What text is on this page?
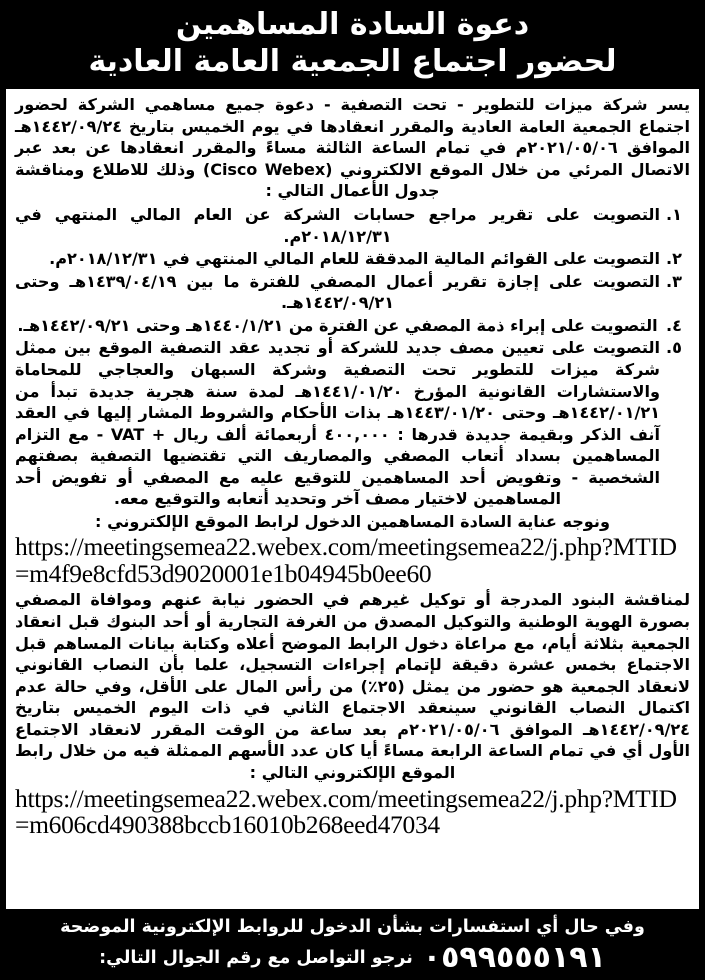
دعوة السادة المساهمين
لحضور اجتماع الجمعية العامة العادية

يسر شركة ميزات للتطوير - تحت التصفية - دعوة جميع مساهمي الشركة لحضور اجتماع الجمعية العامة العادية والمقرر انعقادها في يوم الخميس بتاريخ ١٤٤٢/٠٩/٢٤هـ الموافق ٢٠٢١/٠٥/٠٦م في تمام الساعة الثالثة مساءً والمقرر انعقادها عن بعد عبر الاتصال المرئي من خلال الموقع الالكتروني (Cisco Webex) وذلك للاطلاع ومناقشة جدول الأعمال التالي :

١.
التصويت على تقرير مراجع حسابات الشركة عن العام المالي المنتهي في ٢٠١٨/١٢/٣١م.
٢.
التصويت على القوائم المالية المدققة للعام المالي المنتهي في ٢٠١٨/١٢/٣١م.
٣.
التصويت على إجازة تقرير أعمال المصفي للفترة ما بين ١٤٣٩/٠٤/١٩هـ وحتى ١٤٤٢/٠٩/٢١هـ.
٤.
التصويت على إبراء ذمة المصفي عن الفترة من ١٤٤٠/١/٢١هـ وحتى ١٤٤٢/٠٩/٢١هـ.
٥.
التصويت على تعيين مصف جديد للشركة أو تجديد عقد التصفية الموقع بين ممثل شركة ميزات للتطوير تحت التصفية وشركة السبهان والعجاجي للمحاماة والاستشارات القانونية المؤرخ ١٤٤١/٠١/٢٠هـ لمدة سنة هجرية جديدة تبدأ من ١٤٤٢/٠١/٢١هـ وحتى ١٤٤٣/٠١/٢٠هـ بذات الأحكام والشروط المشار إليها في العقد آنف الذكر وبقيمة جديدة قدرها : ٤٠٠,٠٠٠ أربعمائة ألف ريال + VAT - مع التزام المساهمين بسداد أتعاب المصفي والمصاريف التي تقتضيها التصفية بصفتهم الشخصية - وتفويض أحد المساهمين للتوقيع عليه مع المصفي أو تفويض أحد المساهمين لاختيار مصف آخر وتحديد أتعابه والتوقيع معه.

ونوجه عناية السادة المساهمين الدخول لرابط الموقع الإلكتروني :

https://meetingsemea22.webex.com/meetingsemea22/j.php?MTID=m4f9e8cfd53d9020001e1b04945b0ee60

لمناقشة البنود المدرجة أو توكيل غيرهم في الحضور نيابة عنهم وموافاة المصفي بصورة الهوية الوطنية والتوكيل المصدق من الغرفة التجارية أو أحد البنوك قبل انعقاد الجمعية بثلاثة أيام، مع مراعاة دخول الرابط الموضح أعلاه وكتابة بيانات المساهم قبل الاجتماع بخمس عشرة دقيقة لإتمام إجراءات التسجيل، علما بأن النصاب القانوني لانعقاد الجمعية هو حضور من يمثل (٢٥٪) من رأس المال على الأقل، وفي حالة عدم اكتمال النصاب القانوني سينعقد الاجتماع الثاني في ذات اليوم الخميس بتاريخ ١٤٤٢/٠٩/٢٤هـ الموافق ٢٠٢١/٠٥/٠٦م بعد ساعة من الوقت المقرر لانعقاد الاجتماع الأول أي في تمام الساعة الرابعة مساءً أيا كان عدد الأسهم الممثلة فيه من خلال رابط الموقع الإلكتروني التالي :

https://meetingsemea22.webex.com/meetingsemea22/j.php?MTID=m606cd490388bccb16010b268eed47034
وفي حال أي استفسارات بشأن الدخول للروابط الإلكترونية الموضحة
٠٥٩٩٥٥٥١٩١
نرجو التواصل مع رقم الجوال التالي:
